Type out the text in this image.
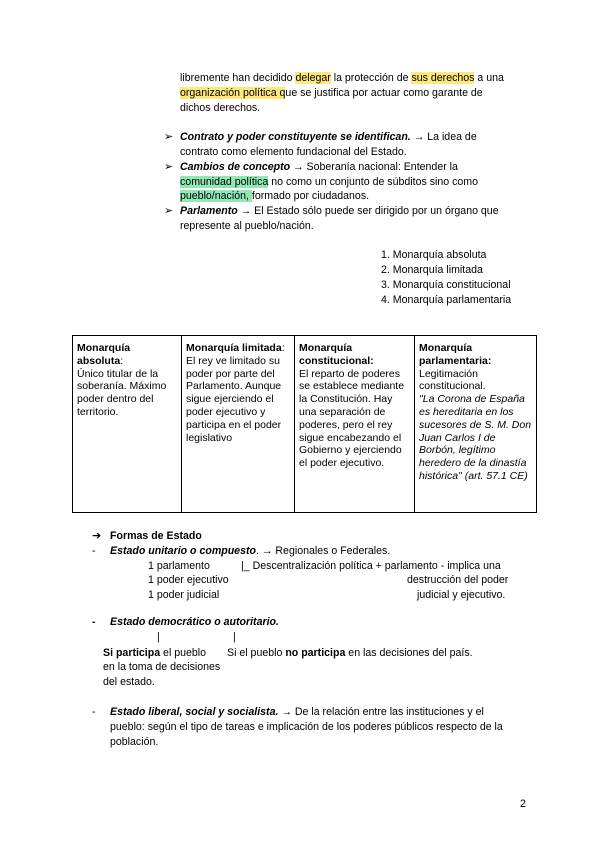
libremente han decidido delegar la protección de sus derechos a una
organización política que se justifica por actuar como garante de
dichos derechos.
➢ Contrato y poder constituyente se identifican. → La idea de
contrato como elemento fundacional del Estado.
➢ Cambios de concepto → Soberanía nacional: Entender la
comunidad política no como un conjunto de súbditos sino como
pueblo/nación, formado por ciudadanos.
➢ Parlamento → El Estado sólo puede ser dirigido por un órgano que
represente al pueblo/nación.
1. Monarquía absoluta
2. Monarquía limitada
3. Monarquía constitucional
4. Monarquía parlamentaria
Monarquía absoluta:
Único titular de la soberanía. Máximo poder dentro del territorio.	
Monarquía limitada:
El rey ve limitado su poder por parte del Parlamento. Aunque sigue ejerciendo el poder ejecutivo y participa en el poder legislativo	
Monarquía constitucional:
El reparto de poderes se establece mediante la Constitución. Hay una separación de poderes, pero el rey sigue encabezando el Gobierno y ejerciendo el poder ejecutivo.	
Monarquía parlamentaria:
Legitimación constitucional.
"La Corona de España es hereditaria en los sucesores de S. M. Don Juan Carlos I de Borbón, legítimo heredero de la dinastía histórica" (art. 57.1 CE)
➔ Formas de Estado
- Estado unitario o compuesto. → Regionales o Federales.
1 parlamento	|_ Descentralización política + parlamento - implica una
1 poder ejecutivo	destrucción del poder
1 poder judicial	judicial y ejecutivo.
- Estado democrático o autoritario.
|	|
Si participa el pueblo
en la toma de decisiones
del estado.
Si el pueblo no participa en las decisiones del país.
- Estado liberal, social y socialista. → De la relación entre las instituciones y el
pueblo: según el tipo de tareas e implicación de los poderes públicos respecto de la
población.
2
